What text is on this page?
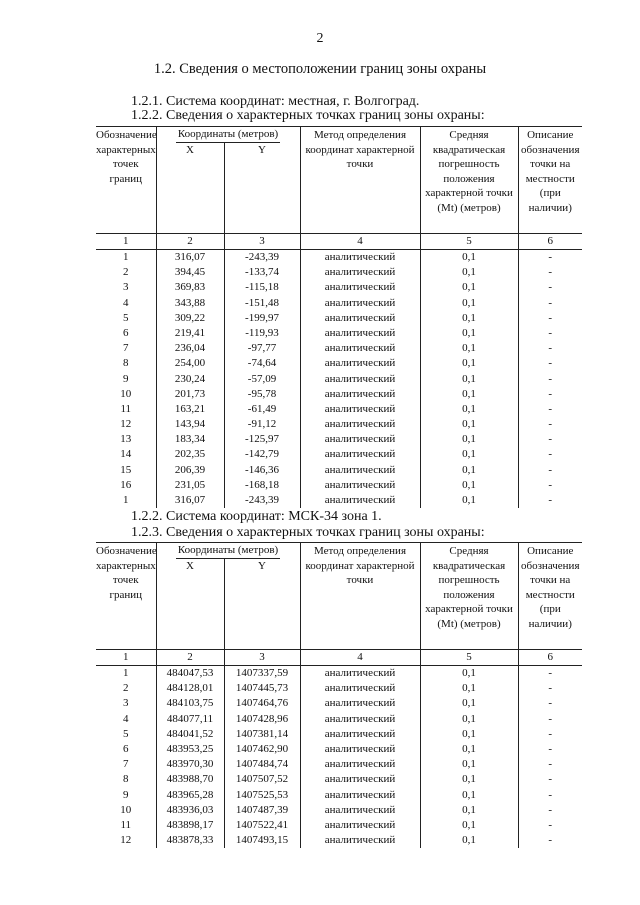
2
1.2. Сведения о местоположении границ зоны охраны
1.2.1. Система координат: местная, г. Волгоград.
1.2.2. Сведения о характерных точках границ зоны охраны:
Обозначение характерных точек границ	Координаты (метров)		Метод определения координат характерной точки	Средняя квадратическая погрешность положения характерной точки (Мt) (метров)	Описание обозначения точки на местности (при наличии)
	X	Y			
1	2	3	4	5	6
1	316,07	-243,39	аналитический	0,1	-
2	394,45	-133,74	аналитический	0,1	-
3	369,83	-115,18	аналитический	0,1	-
4	343,88	-151,48	аналитический	0,1	-
5	309,22	-199,97	аналитический	0,1	-
6	219,41	-119,93	аналитический	0,1	-
7	236,04	-97,77	аналитический	0,1	-
8	254,00	-74,64	аналитический	0,1	-
9	230,24	-57,09	аналитический	0,1	-
10	201,73	-95,78	аналитический	0,1	-
11	163,21	-61,49	аналитический	0,1	-
12	143,94	-91,12	аналитический	0,1	-
13	183,34	-125,97	аналитический	0,1	-
14	202,35	-142,79	аналитический	0,1	-
15	206,39	-146,36	аналитический	0,1	-
16	231,05	-168,18	аналитический	0,1	-
1	316,07	-243,39	аналитический	0,1	-
1.2.2. Система координат: МСК-34 зона 1.
1.2.3. Сведения о характерных точках границ зоны охраны:
Обозначение характерных точек границ	Координаты (метров)		Метод определения координат характерной точки	Средняя квадратическая погрешность положения характерной точки (Мt) (метров)	Описание обозначения точки на местности (при наличии)
	X	Y			
1	2	3	4	5	6
1	484047,53	1407337,59	аналитический	0,1	-
2	484128,01	1407445,73	аналитический	0,1	-
3	484103,75	1407464,76	аналитический	0,1	-
4	484077,11	1407428,96	аналитический	0,1	-
5	484041,52	1407381,14	аналитический	0,1	-
6	483953,25	1407462,90	аналитический	0,1	-
7	483970,30	1407484,74	аналитический	0,1	-
8	483988,70	1407507,52	аналитический	0,1	-
9	483965,28	1407525,53	аналитический	0,1	-
10	483936,03	1407487,39	аналитический	0,1	-
11	483898,17	1407522,41	аналитический	0,1	-
12	483878,33	1407493,15	аналитический	0,1	-
